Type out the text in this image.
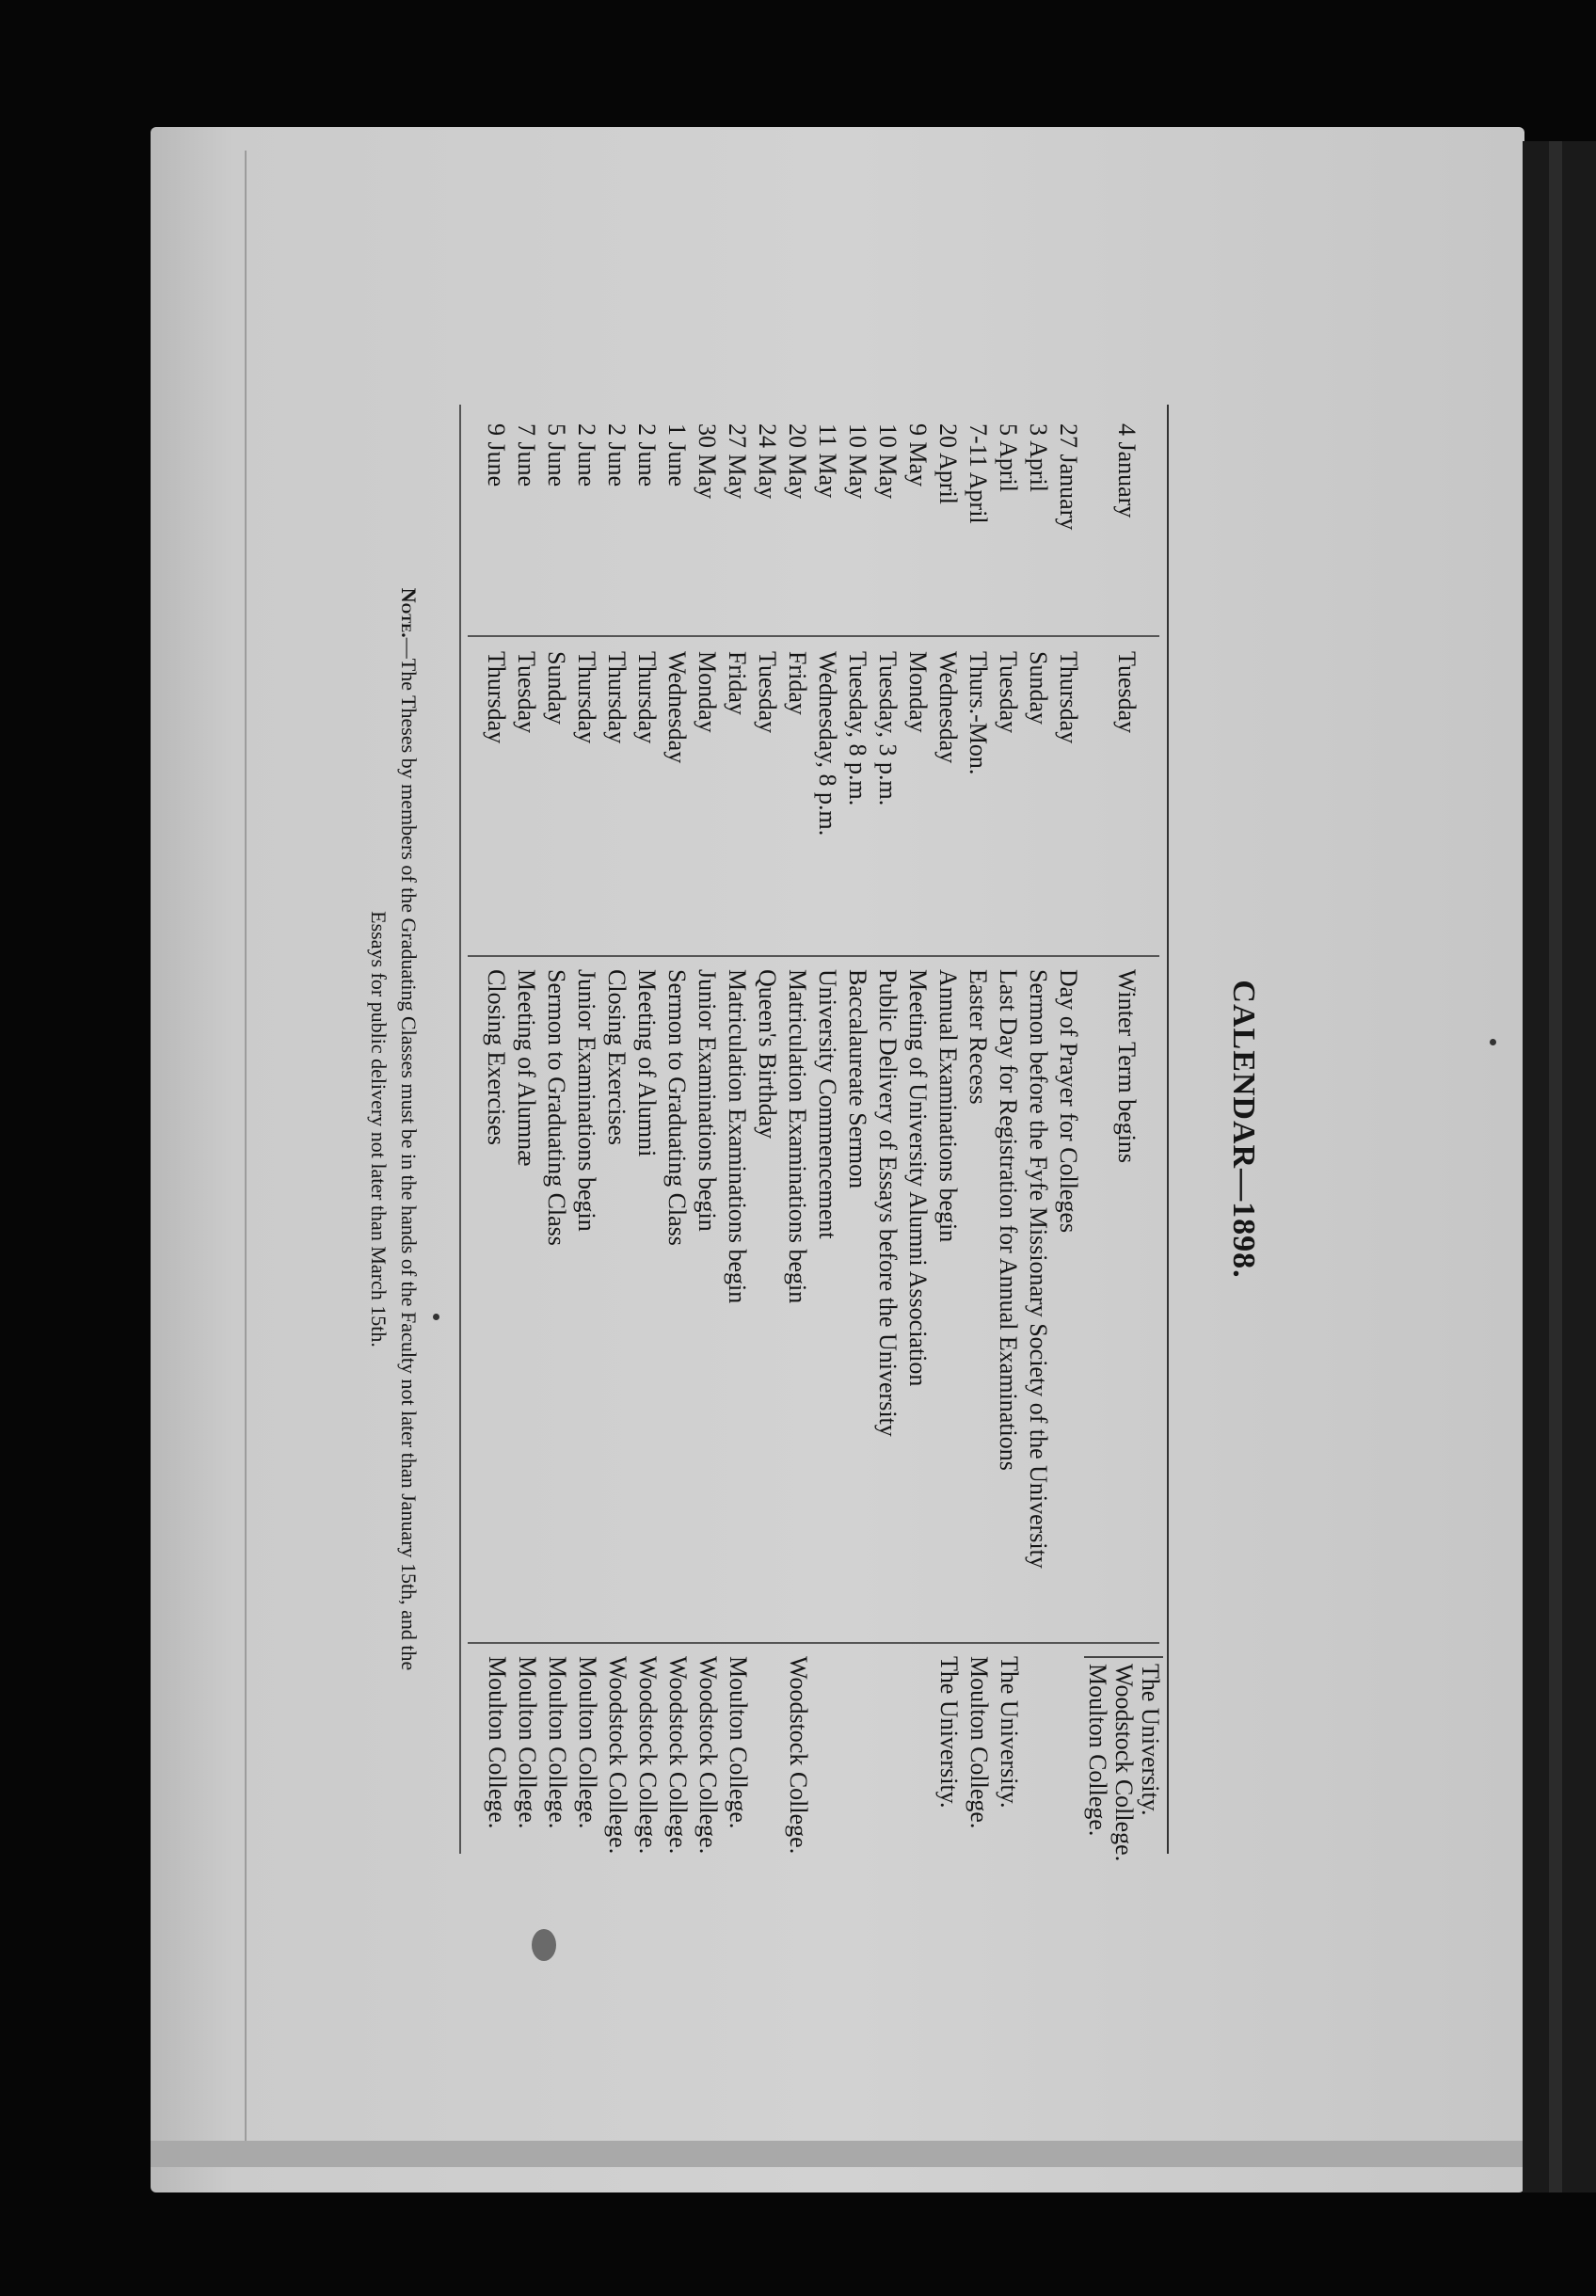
CALENDAR—1898.
4 January
Tuesday
Winter Term begins
The University.
Woodstock College.
Moulton College.
27 January
Thursday
Day of Prayer for Colleges
3 April
Sunday
Sermon before the Fyfe Missionary Society of the University
5 April
Tuesday
Last Day for Registration for Annual Examinations
The University.
7-11 April
Thurs.-Mon.
Easter Recess
Moulton College.
20 April
Wednesday
Annual Examinations begin
The University.
9 May
Monday
Meeting of University Alumni Association
10 May
Tuesday, 3 p.m.
Public Delivery of Essays before the University
10 May
Tuesday, 8 p.m.
Baccalaureate Sermon
11 May
Wednesday, 8 p.m.
University Commencement
20 May
Friday
Matriculation Examinations begin
Woodstock College.
24 May
Tuesday
Queen's Birthday
27 May
Friday
Matriculation Examinations begin
Moulton College.
30 May
Monday
Junior Examinations begin
Woodstock College.
1 June
Wednesday
Sermon to Graduating Class
Woodstock College.
2 June
Thursday
Meeting of Alumni
Woodstock College.
2 June
Thursday
Closing Exercises
Woodstock College.
2 June
Thursday
Junior Examinations begin
Moulton College.
5 June
Sunday
Sermon to Graduating Class
Moulton College.
7 June
Tuesday
Meeting of Alumnæ
Moulton College.
9 June
Thursday
Closing Exercises
Moulton College.
Note.—The Theses by members of the Graduating Classes must be in the hands of the Faculty not later than January 15th, and the
Essays for public delivery not later than March 15th.
